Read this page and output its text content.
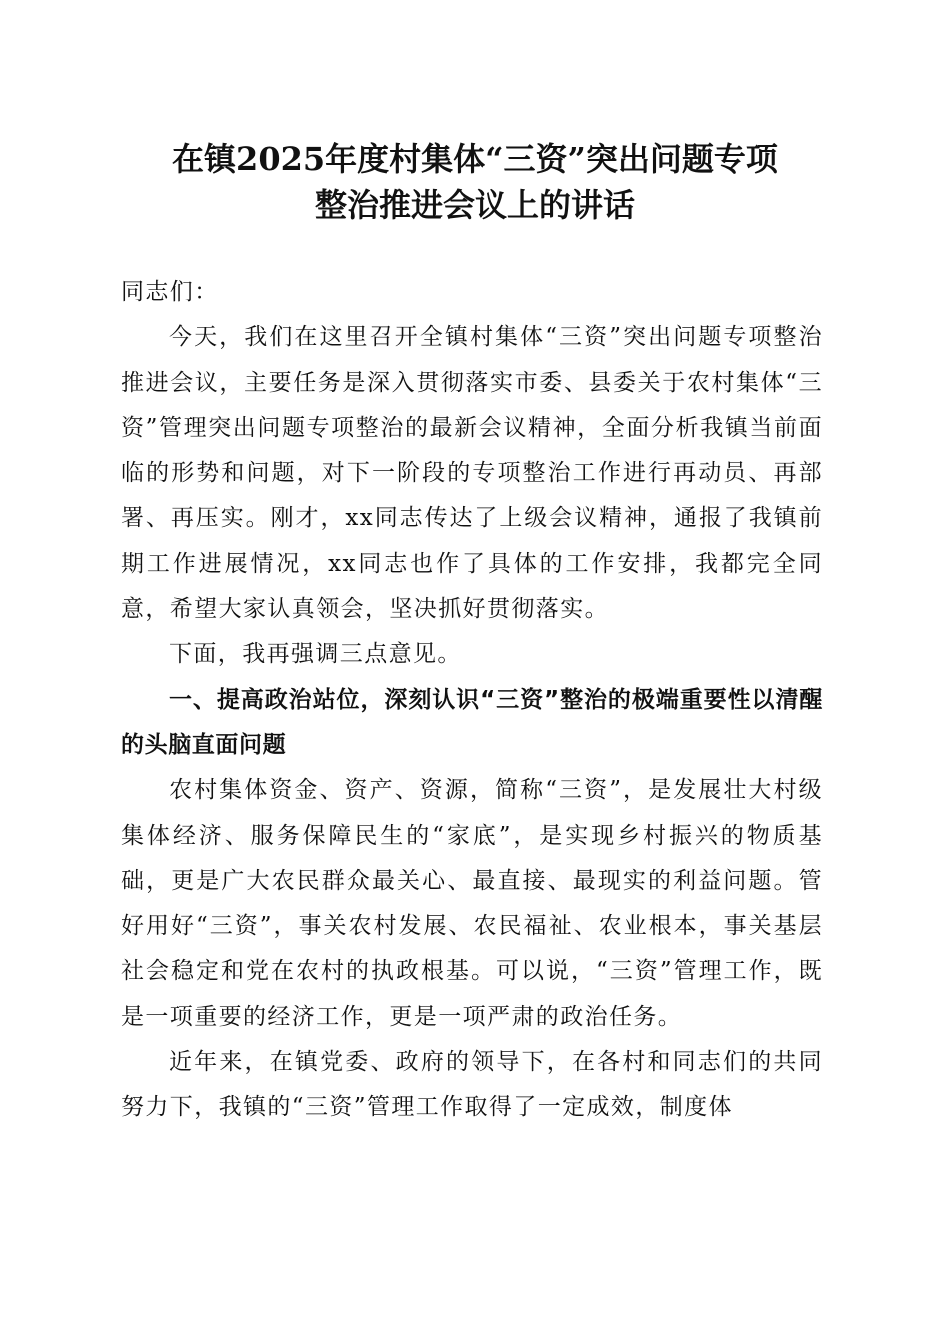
在镇2025年度村集体“三资”突出问题专项
整治推进会议上的讲话

同志们：

今天，我们在这里召开全镇村集体“三资”突出问题专项整治推进会议，主要任务是深入贯彻落实市委、县委关于农村集体“三资”管理突出问题专项整治的最新会议精神，全面分析我镇当前面临的形势和问题，对下一阶段的专项整治工作进行再动员、再部署、再压实。刚才，xx同志传达了上级会议精神，通报了我镇前期工作进展情况，xx同志也作了具体的工作安排，我都完全同意，希望大家认真领会，坚决抓好贯彻落实。

下面，我再强调三点意见。

一、提高政治站位，深刻认识“三资”整治的极端重要性以清醒的头脑直面问题

农村集体资金、资产、资源，简称“三资”，是发展壮大村级集体经济、服务保障民生的“家底”，是实现乡村振兴的物质基础，更是广大农民群众最关心、最直接、最现实的利益问题。管好用好“三资”，事关农村发展、农民福祉、农业根本，事关基层社会稳定和党在农村的执政根基。可以说，“三资”管理工作，既是一项重要的经济工作，更是一项严肃的政治任务。

近年来，在镇党委、政府的领导下，在各村和同志们的共同努力下，我镇的“三资”管理工作取得了一定成效，制度体
